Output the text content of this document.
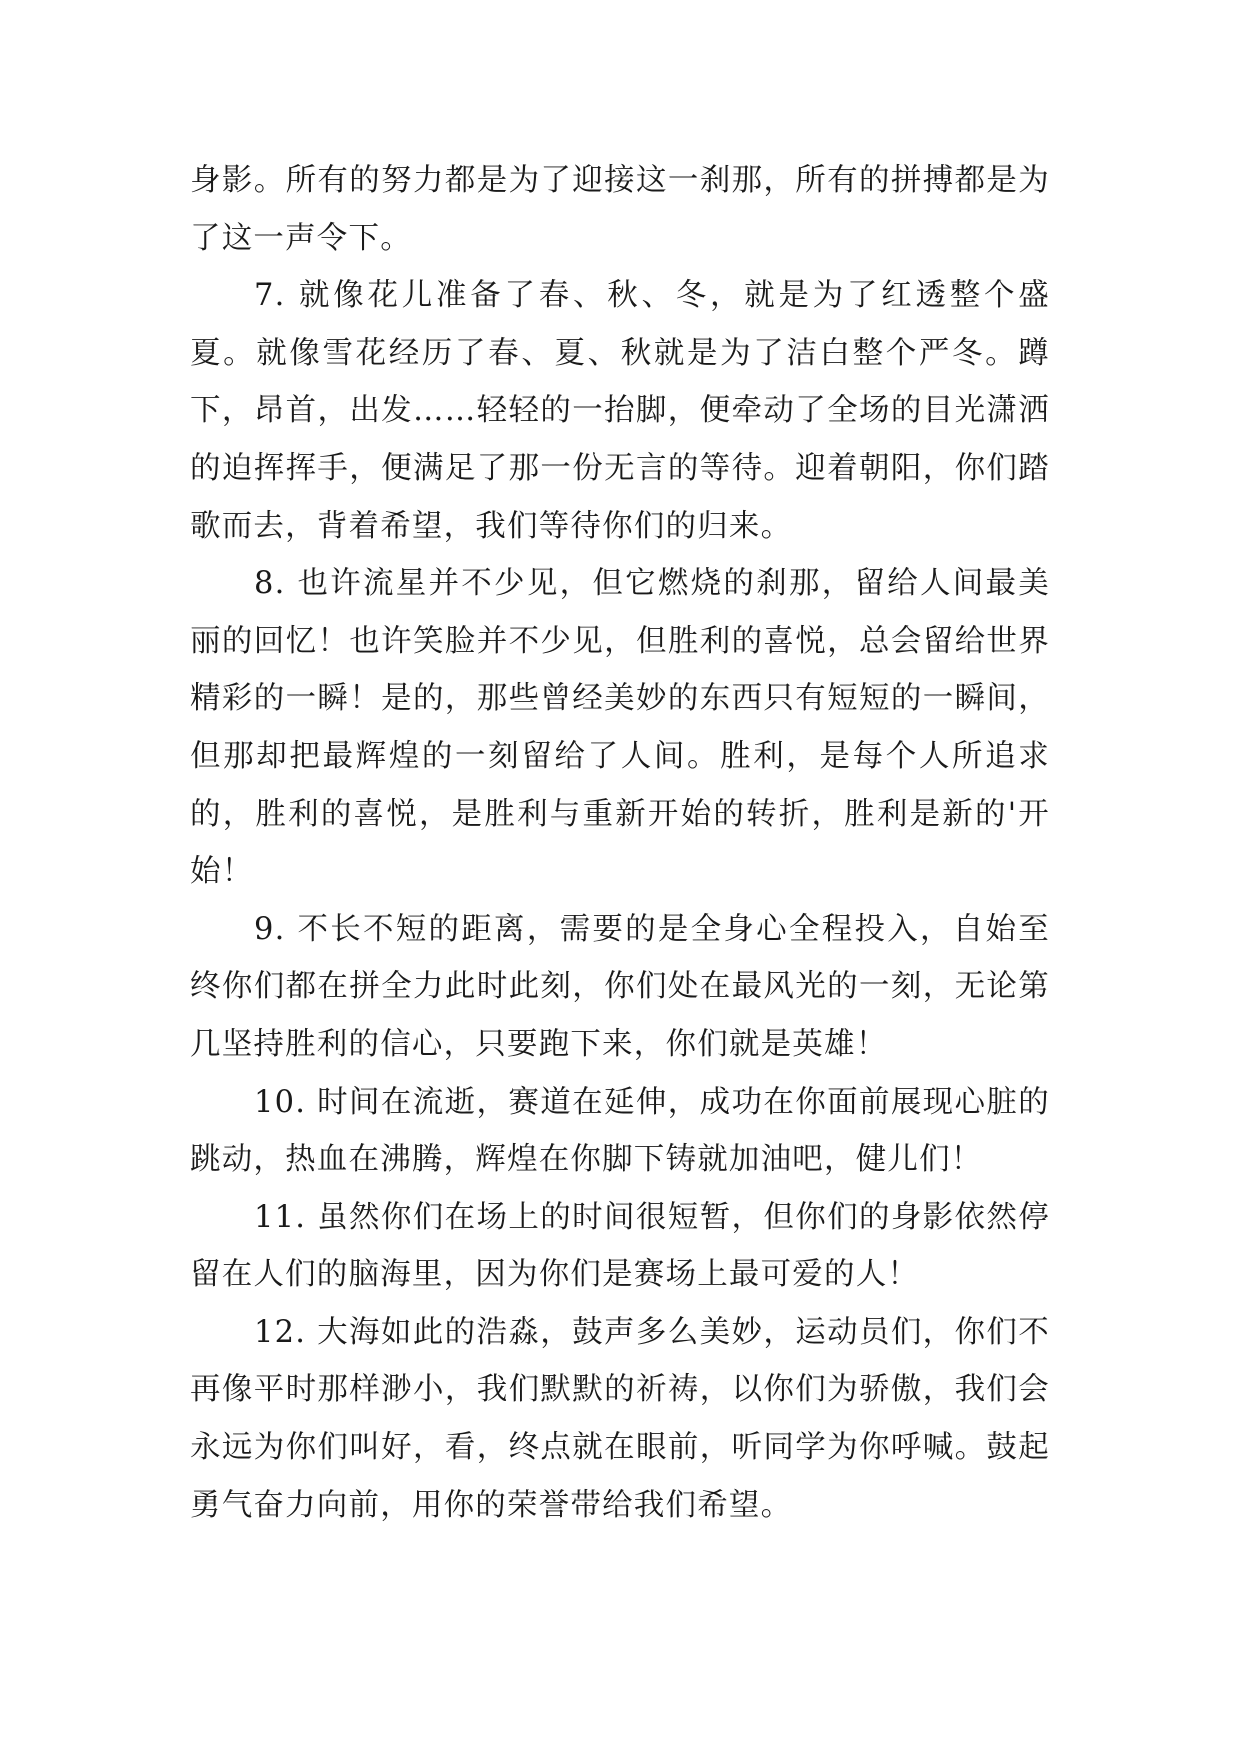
身影。所有的努力都是为了迎接这一刹那，所有的拼搏都是为了这一声令下。

7. 就像花儿准备了春、秋、冬，就是为了红透整个盛夏。就像雪花经历了春、夏、秋就是为了洁白整个严冬。蹲下，昂首，出发……轻轻的一抬脚，便牵动了全场的目光潇洒的迫挥挥手，便满足了那一份无言的等待。迎着朝阳，你们踏歌而去，背着希望，我们等待你们的归来。

8. 也许流星并不少见，但它燃烧的刹那，留给人间最美丽的回忆！也许笑脸并不少见，但胜利的喜悦，总会留给世界精彩的一瞬！是的，那些曾经美妙的东西只有短短的一瞬间，但那却把最辉煌的一刻留给了人间。胜利，是每个人所追求的，胜利的喜悦，是胜利与重新开始的转折，胜利是新的'开始！

9. 不长不短的距离，需要的是全身心全程投入，自始至终你们都在拼全力此时此刻，你们处在最风光的一刻，无论第几坚持胜利的信心，只要跑下来，你们就是英雄！

10. 时间在流逝，赛道在延伸，成功在你面前展现心脏的跳动，热血在沸腾，辉煌在你脚下铸就加油吧，健儿们！

11. 虽然你们在场上的时间很短暂，但你们的身影依然停留在人们的脑海里，因为你们是赛场上最可爱的人！

12. 大海如此的浩淼，鼓声多么美妙，运动员们，你们不再像平时那样渺小，我们默默的祈祷，以你们为骄傲，我们会永远为你们叫好，看，终点就在眼前，听同学为你呼喊。鼓起勇气奋力向前，用你的荣誉带给我们希望。
